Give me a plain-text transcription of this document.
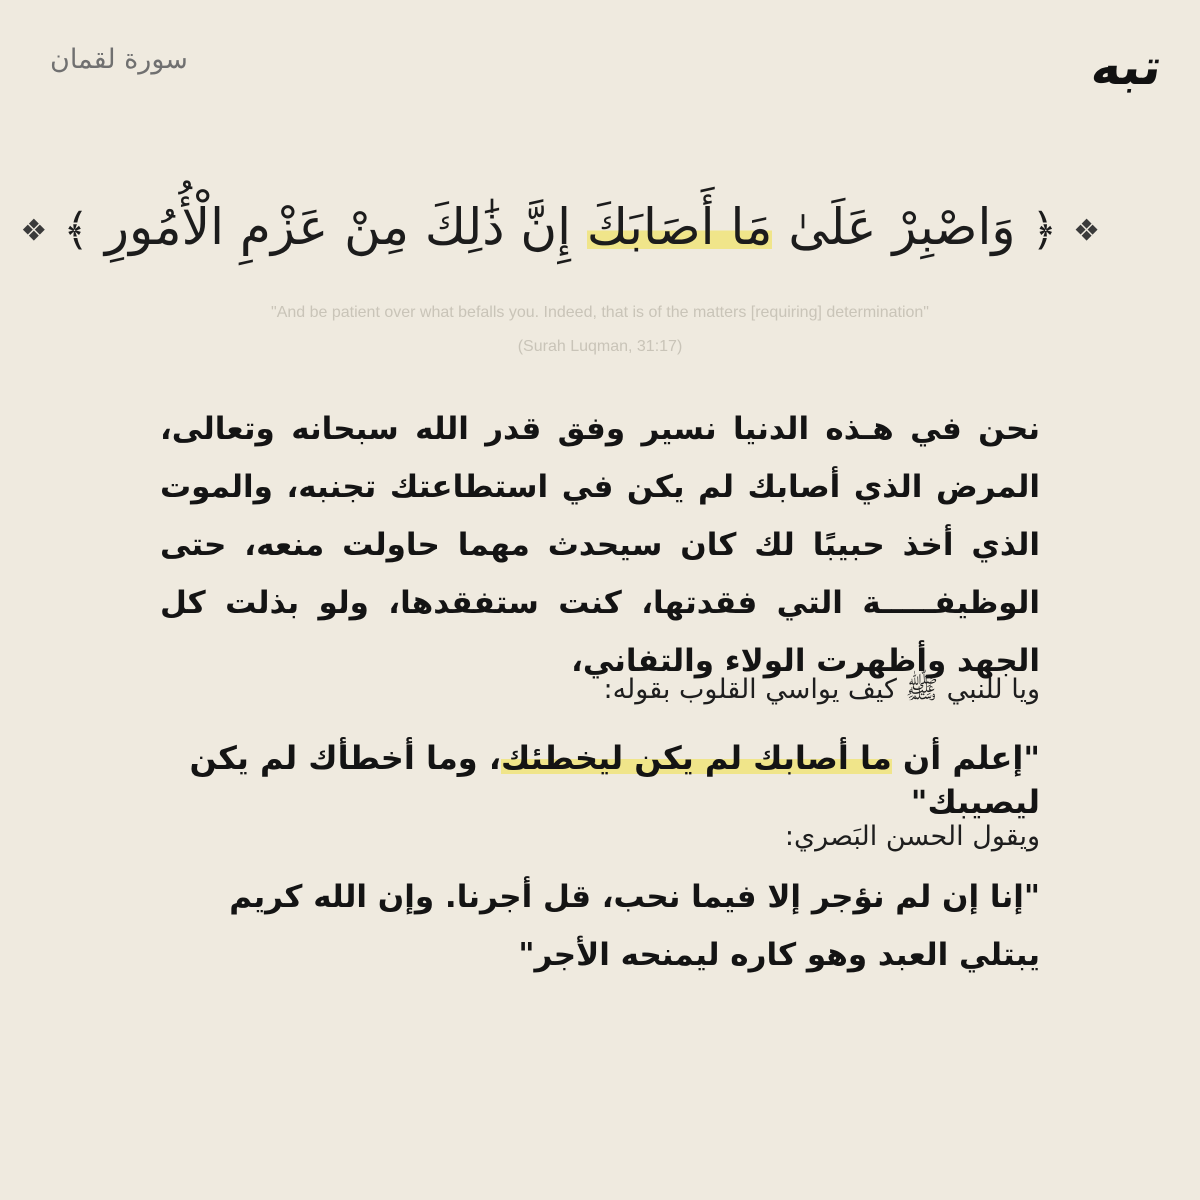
سورة لقمان	تبه
❖ ﴿ وَاصْبِرْ عَلَىٰ مَا أَصَابَكَ إِنَّ ذَٰلِكَ مِنْ عَزْمِ الْأُمُورِ ﴾ ❖
"And be patient over what befalls you. Indeed, that is of the matters [requiring] determination"
(Surah Luqman, 31:17)
نحن في هـذه الدنيا نسير وفق قدر الله سبحانه وتعالى، المرض الذي أصابك لم يكن في استطاعتك تجنبه، والموت الذي أخذ حبيبًا لك كان سيحدث مهما حاولت منعه، حتى الوظيفـــــة التي فقدتها، كنت ستفقدها، ولو بذلت كل الجهد وأظهرت الولاء والتفاني،
ويا للنبي ﷺ كيف يواسي القلوب بقوله:
"إعلم أن ما أصابك لم يكن ليخطئك، وما أخطأك لم يكن ليصيبك"
ويقول الحسن البَصري:
"إنا إن لم نؤجر إلا فيما نحب، قل أجرنا. وإن الله كريم يبتلي العبد وهو كاره ليمنحه الأجر"
